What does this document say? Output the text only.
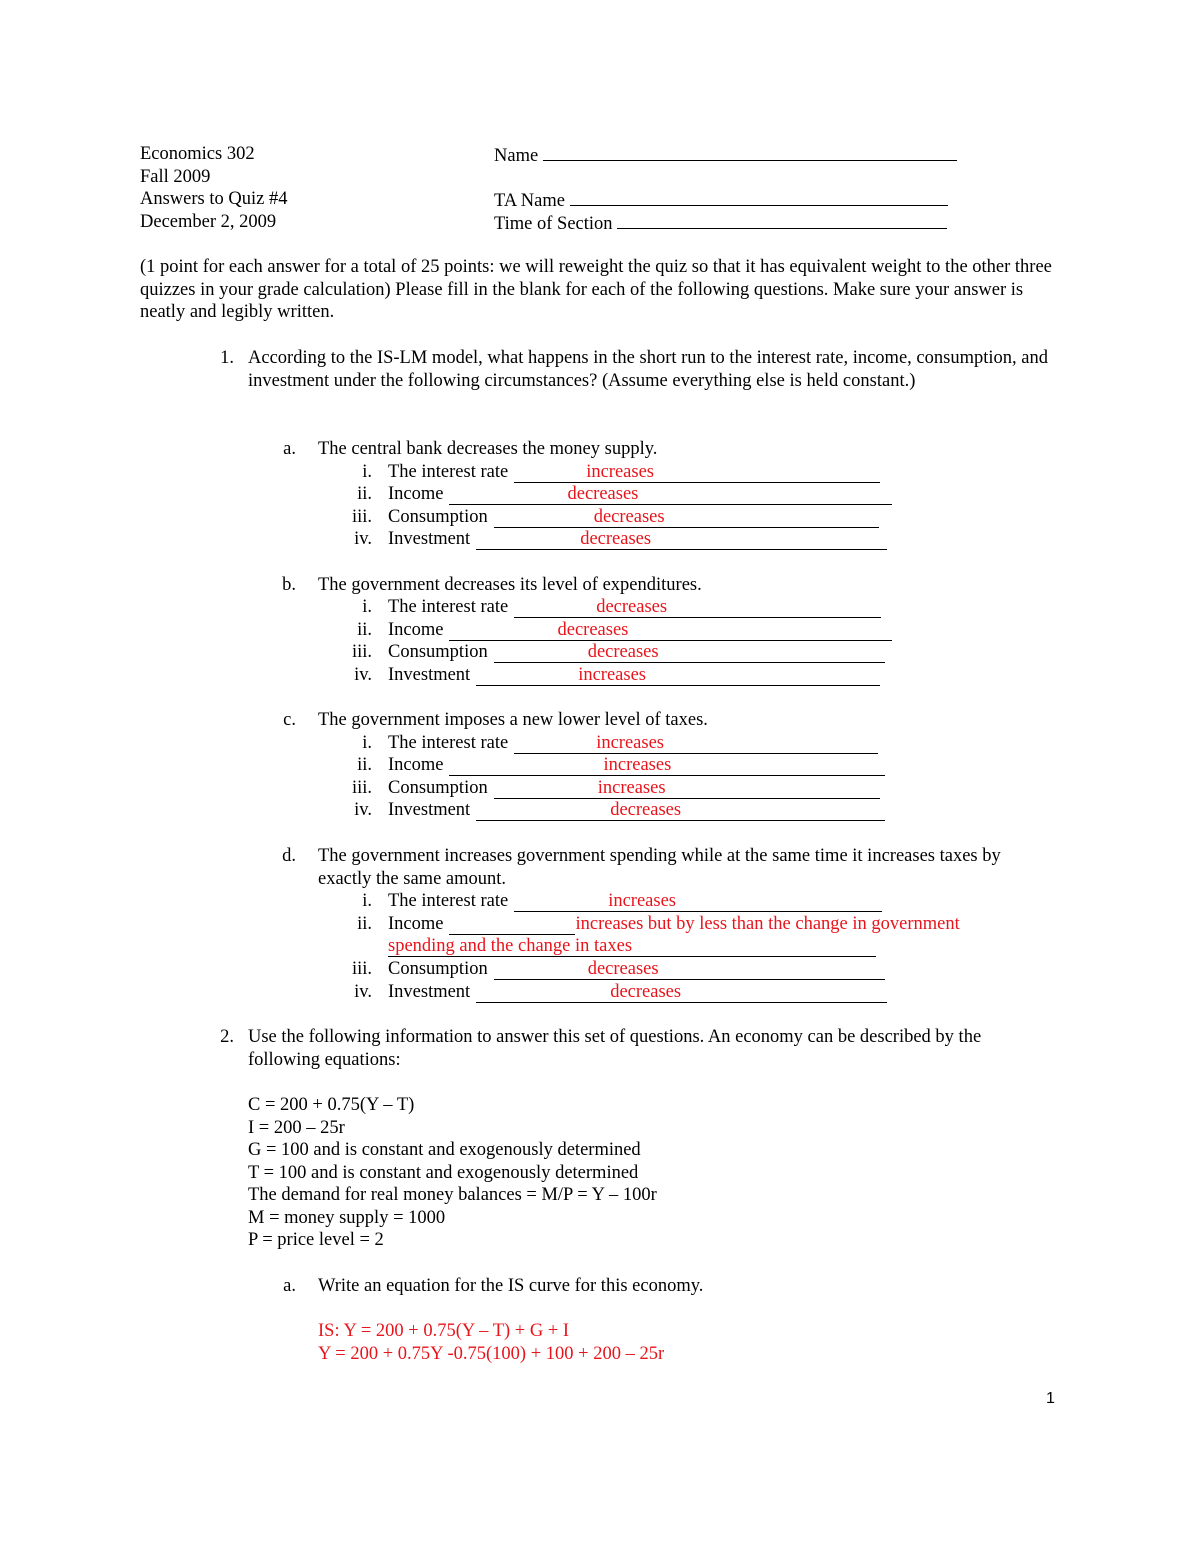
Economics 302
Fall 2009
Answers to Quiz #4
December 2, 2009
Name
TA Name
Time of Section
(1 point for each answer for a total of 25 points: we will reweight the quiz so that it has equivalent weight to the other three quizzes in your grade calculation) Please fill in the blank for each of the following questions. Make sure your answer is neatly and legibly written.
1. According to the IS-LM model, what happens in the short run to the interest rate, income, consumption, and investment under the following circumstances? (Assume everything else is held constant.)
a. The central bank decreases the money supply.
i. The interest rate	increases
ii. Income	decreases
iii. Consumption	decreases
iv. Investment	decreases
b. The government decreases its level of expenditures.
i. The interest rate	decreases
ii. Income	decreases
iii. Consumption	decreases
iv. Investment	increases
c. The government imposes a new lower level of taxes.
i. The interest rate	increases
ii. Income	increases
iii. Consumption	increases
iv. Investment	decreases
d. The government increases government spending while at the same time it increases taxes by exactly the same amount.
i. The interest rate	increases
ii. Income	increases but by less than the change in government
spending and the change in taxes
iii. Consumption	decreases
iv. Investment	decreases
2. Use the following information to answer this set of questions. An economy can be described by the following equations:
C = 200 + 0.75(Y – T)
I = 200 – 25r
G = 100 and is constant and exogenously determined
T = 100 and is constant and exogenously determined
The demand for real money balances = M/P = Y – 100r
M = money supply = 1000
P = price level = 2
a. Write an equation for the IS curve for this economy.
IS: Y = 200 + 0.75(Y – T) + G + I
Y = 200 + 0.75Y -0.75(100) + 100 + 200 – 25r
1
